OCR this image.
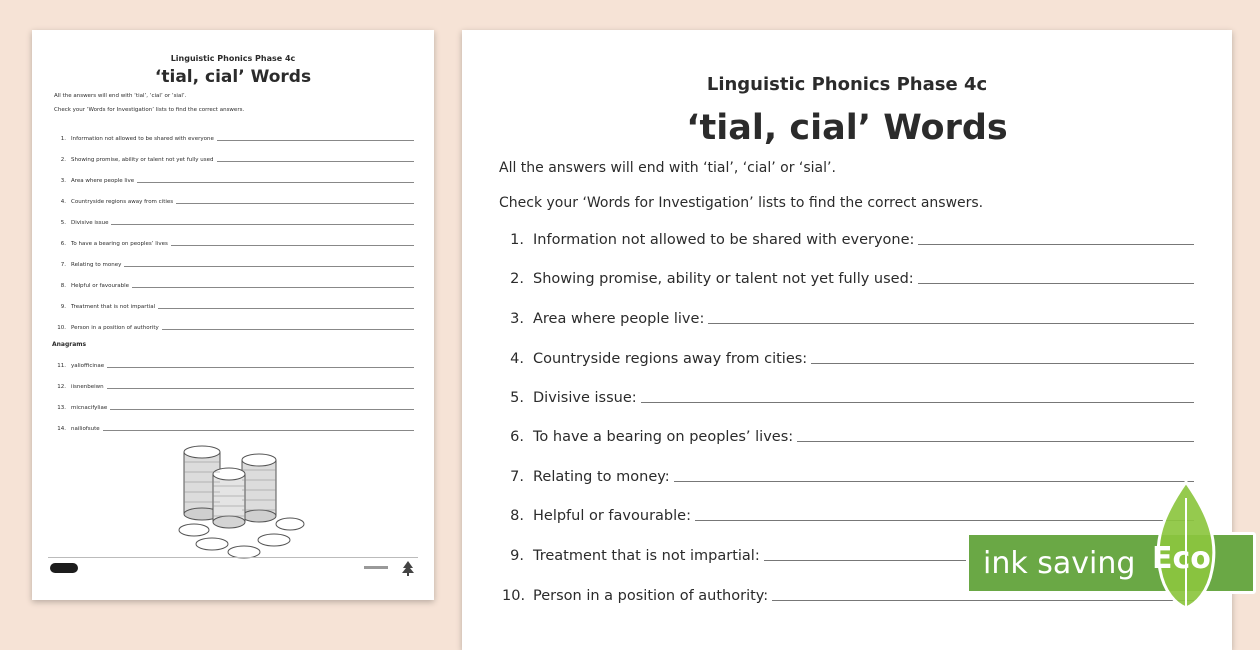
Linguistic Phonics Phase 4c
‘tial, cial’ Words
All the answers will end with ‘tial’, ‘cial’ or ‘sial’.
Check your ‘Words for Investigation’ lists to find the correct answers.
1. Information not allowed to be shared with everyone
2. Showing promise, ability or talent not yet fully used
3. Area where people live
4. Countryside regions away from cities
5. Divisive issue
6. To have a bearing on peoples’ lives
7. Relating to money
8. Helpful or favourable
9. Treatment that is not impartial
10. Person in a position of authority
Anagrams
11. yaliofficinae
12. iisnenbeiwn
13. micnacifyliae
14. nailiofsute
Linguistic Phonics Phase 4c
‘tial, cial’ Words
All the answers will end with ‘tial’, ‘cial’ or ‘sial’.
Check your ‘Words for Investigation’ lists to find the correct answers.
1. Information not allowed to be shared with everyone:
2. Showing promise, ability or talent not yet fully used:
3. Area where people live:
4. Countryside regions away from cities:
5. Divisive issue:
6. To have a bearing on peoples’ lives:
7. Relating to money:
8. Helpful or favourable:
9. Treatment that is not impartial:
10. Person in a position of authority:
ink saving Eco
